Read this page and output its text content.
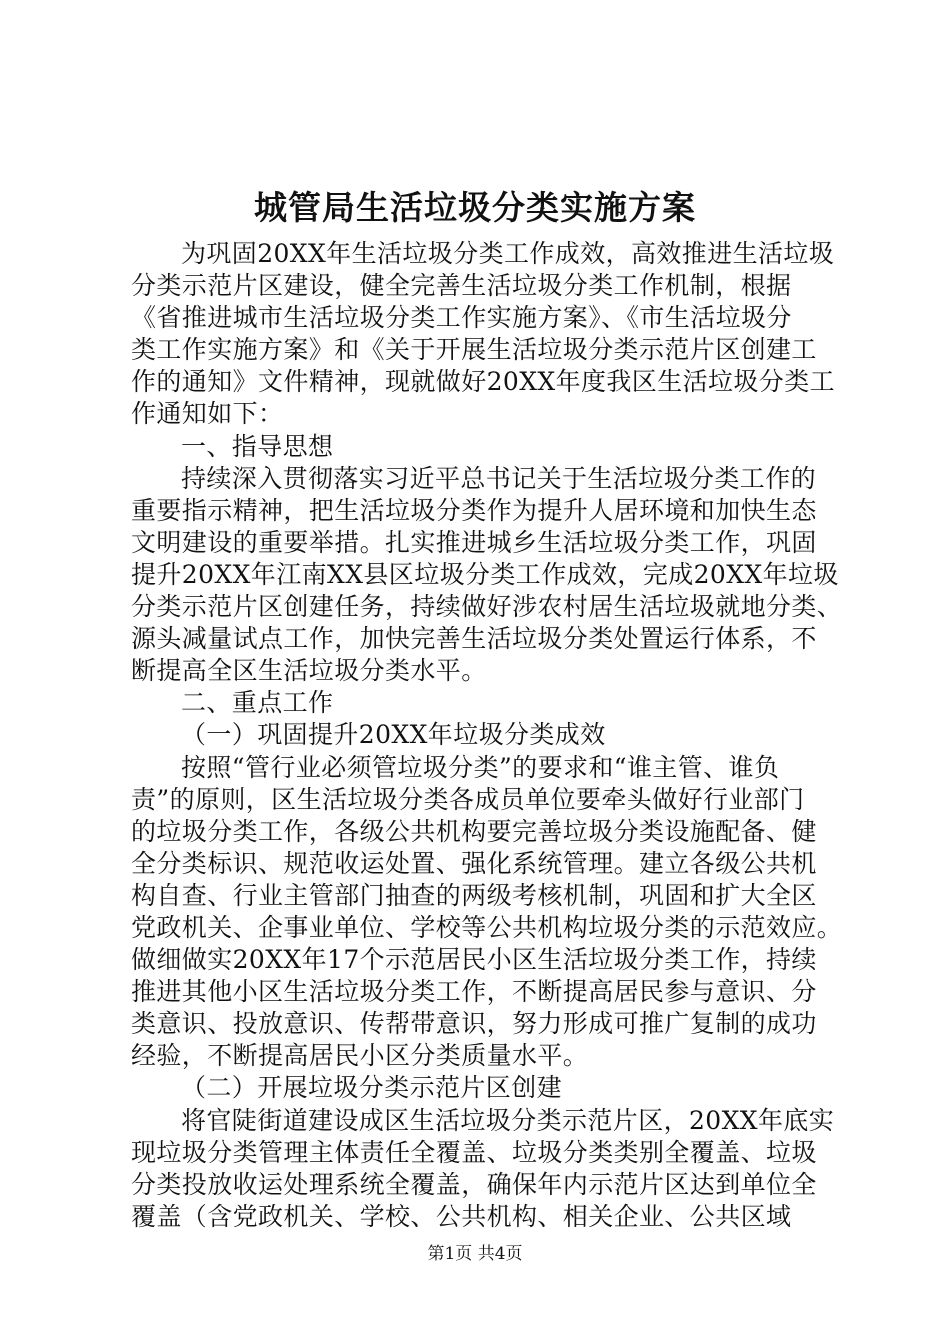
城管局生活垃圾分类实施方案
为巩固20XX年生活垃圾分类工作成效，高效推进生活垃圾
分类示范片区建设，健全完善生活垃圾分类工作机制，根据
《省推进城市生活垃圾分类工作实施方案》、《市生活垃圾分
类工作实施方案》和《关于开展生活垃圾分类示范片区创建工
作的通知》文件精神，现就做好20XX年度我区生活垃圾分类工
作通知如下：
一、指导思想
持续深入贯彻落实习近平总书记关于生活垃圾分类工作的
重要指示精神，把生活垃圾分类作为提升人居环境和加快生态
文明建设的重要举措。扎实推进城乡生活垃圾分类工作，巩固
提升20XX年江南XX县区垃圾分类工作成效，完成20XX年垃圾
分类示范片区创建任务，持续做好涉农村居生活垃圾就地分类、
源头减量试点工作，加快完善生活垃圾分类处置运行体系，不
断提高全区生活垃圾分类水平。
二、重点工作
（一）巩固提升20XX年垃圾分类成效
按照“管行业必须管垃圾分类”的要求和“谁主管、谁负
责”的原则，区生活垃圾分类各成员单位要牵头做好行业部门
的垃圾分类工作，各级公共机构要完善垃圾分类设施配备、健
全分类标识、规范收运处置、强化系统管理。建立各级公共机
构自查、行业主管部门抽查的两级考核机制，巩固和扩大全区
党政机关、企事业单位、学校等公共机构垃圾分类的示范效应。
做细做实20XX年17个示范居民小区生活垃圾分类工作，持续
推进其他小区生活垃圾分类工作，不断提高居民参与意识、分
类意识、投放意识、传帮带意识，努力形成可推广复制的成功
经验，不断提高居民小区分类质量水平。
（二）开展垃圾分类示范片区创建
将官陡街道建设成区生活垃圾分类示范片区，20XX年底实
现垃圾分类管理主体责任全覆盖、垃圾分类类别全覆盖、垃圾
分类投放收运处理系统全覆盖，确保年内示范片区达到单位全
覆盖（含党政机关、学校、公共机构、相关企业、公共区域
第1页 共4页
